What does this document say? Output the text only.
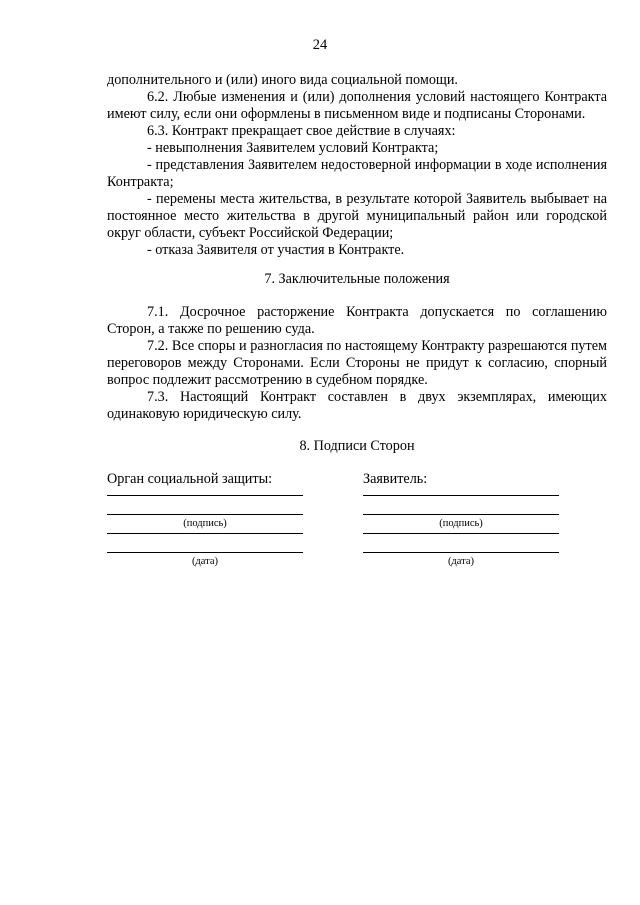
24

дополнительного и (или) иного вида социальной помощи.

6.2. Любые изменения и (или) дополнения условий настоящего Контракта имеют силу, если они оформлены в письменном виде и подписаны Сторонами.

6.3. Контракт прекращает свое действие в случаях:

- невыполнения Заявителем условий Контракта;

- представления Заявителем недостоверной информации в ходе исполнения Контракта;

- перемены места жительства, в результате которой Заявитель выбывает на постоянное место жительства в другой муниципальный район или городской округ области, субъект Российской Федерации;

- отказа Заявителя от участия в Контракте.

7. Заключительные положения

7.1. Досрочное расторжение Контракта допускается по соглашению Сторон, а также по решению суда.

7.2. Все споры и разногласия по настоящему Контракту разрешаются путем переговоров между Сторонами. Если Стороны не придут к согласию, спорный вопрос подлежит рассмотрению в судебном порядке.

7.3. Настоящий Контракт составлен в двух экземплярах, имеющих одинаковую юридическую силу.

8. Подписи Сторон

Орган социальной защиты:
(подпись)
(дата)
Заявитель:
(подпись)
(дата)
